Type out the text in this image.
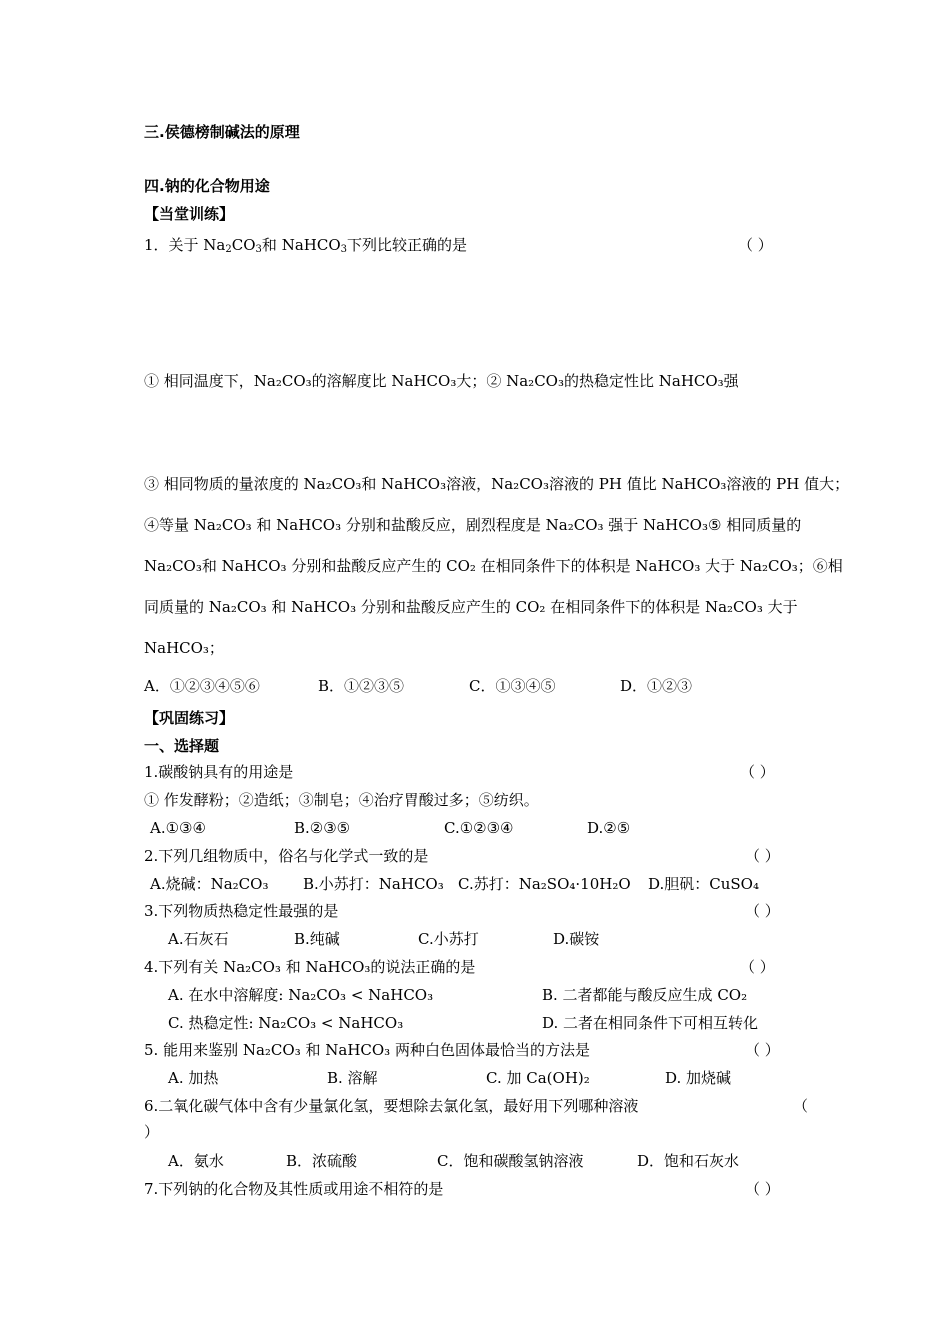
三.侯德榜制碱法的原理
四.钠的化合物用途
【当堂训练】
1．关于 $Na_2CO_3$和 NaHCO$_3$下列比较正确的是	（ ）
① 相同温度下，Na₂CO₃的溶解度比 NaHCO₃大；② Na₂CO₃的热稳定性比 NaHCO₃强
③ 相同物质的量浓度的 Na₂CO₃和 NaHCO₃溶液，Na₂CO₃溶液的 PH 值比 NaHCO₃溶液的 PH 值大；
④等量 Na₂CO₃ 和 NaHCO₃ 分别和盐酸反应，剧烈程度是 Na₂CO₃ 强于 NaHCO₃⑤ 相同质量的
Na₂CO₃和 NaHCO₃ 分别和盐酸反应产生的 CO₂ 在相同条件下的体积是 NaHCO₃ 大于 Na₂CO₃；⑥相
同质量的 Na₂CO₃ 和 NaHCO₃ 分别和盐酸反应产生的 CO₂ 在相同条件下的体积是 Na₂CO₃ 大于
NaHCO₃；
A．①②③④⑤⑥	B．①②③⑤	C．①③④⑤	D．①②③
【巩固练习】
一、选择题
1.碳酸钠具有的用途是	（ ）
① 作发酵粉；②造纸；③制皂；④治疗胃酸过多；⑤纺织。
A.①③④	B.②③⑤	C.①②③④	D.②⑤
2.下列几组物质中，俗名与化学式一致的是	（ ）
A.烧碱：Na₂CO₃ B.小苏打：NaHCO₃ C.苏打：Na₂SO₄·10H₂O D.胆矾：CuSO₄
3.下列物质热稳定性最强的是	（ ）
A.石灰石	B.纯碱	C.小苏打	D.碳铵
4.下列有关 Na₂CO₃ 和 NaHCO₃的说法正确的是	（ ）
A. 在水中溶解度: Na₂CO₃ < NaHCO₃	B. 二者都能与酸反应生成 CO₂
C. 热稳定性: Na₂CO₃ < NaHCO₃	D. 二者在相同条件下可相互转化
5. 能用来鉴别 Na₂CO₃ 和 NaHCO₃ 两种白色固体最恰当的方法是	（ ）
A. 加热	B. 溶解	C. 加 Ca(OH)₂	D. 加烧碱
6.二氧化碳气体中含有少量氯化氢，要想除去氯化氢，最好用下列哪种溶液	（
）
A．氨水	B．浓硫酸	C．饱和碳酸氢钠溶液	D．饱和石灰水
7.下列钠的化合物及其性质或用途不相符的是	（ ）
